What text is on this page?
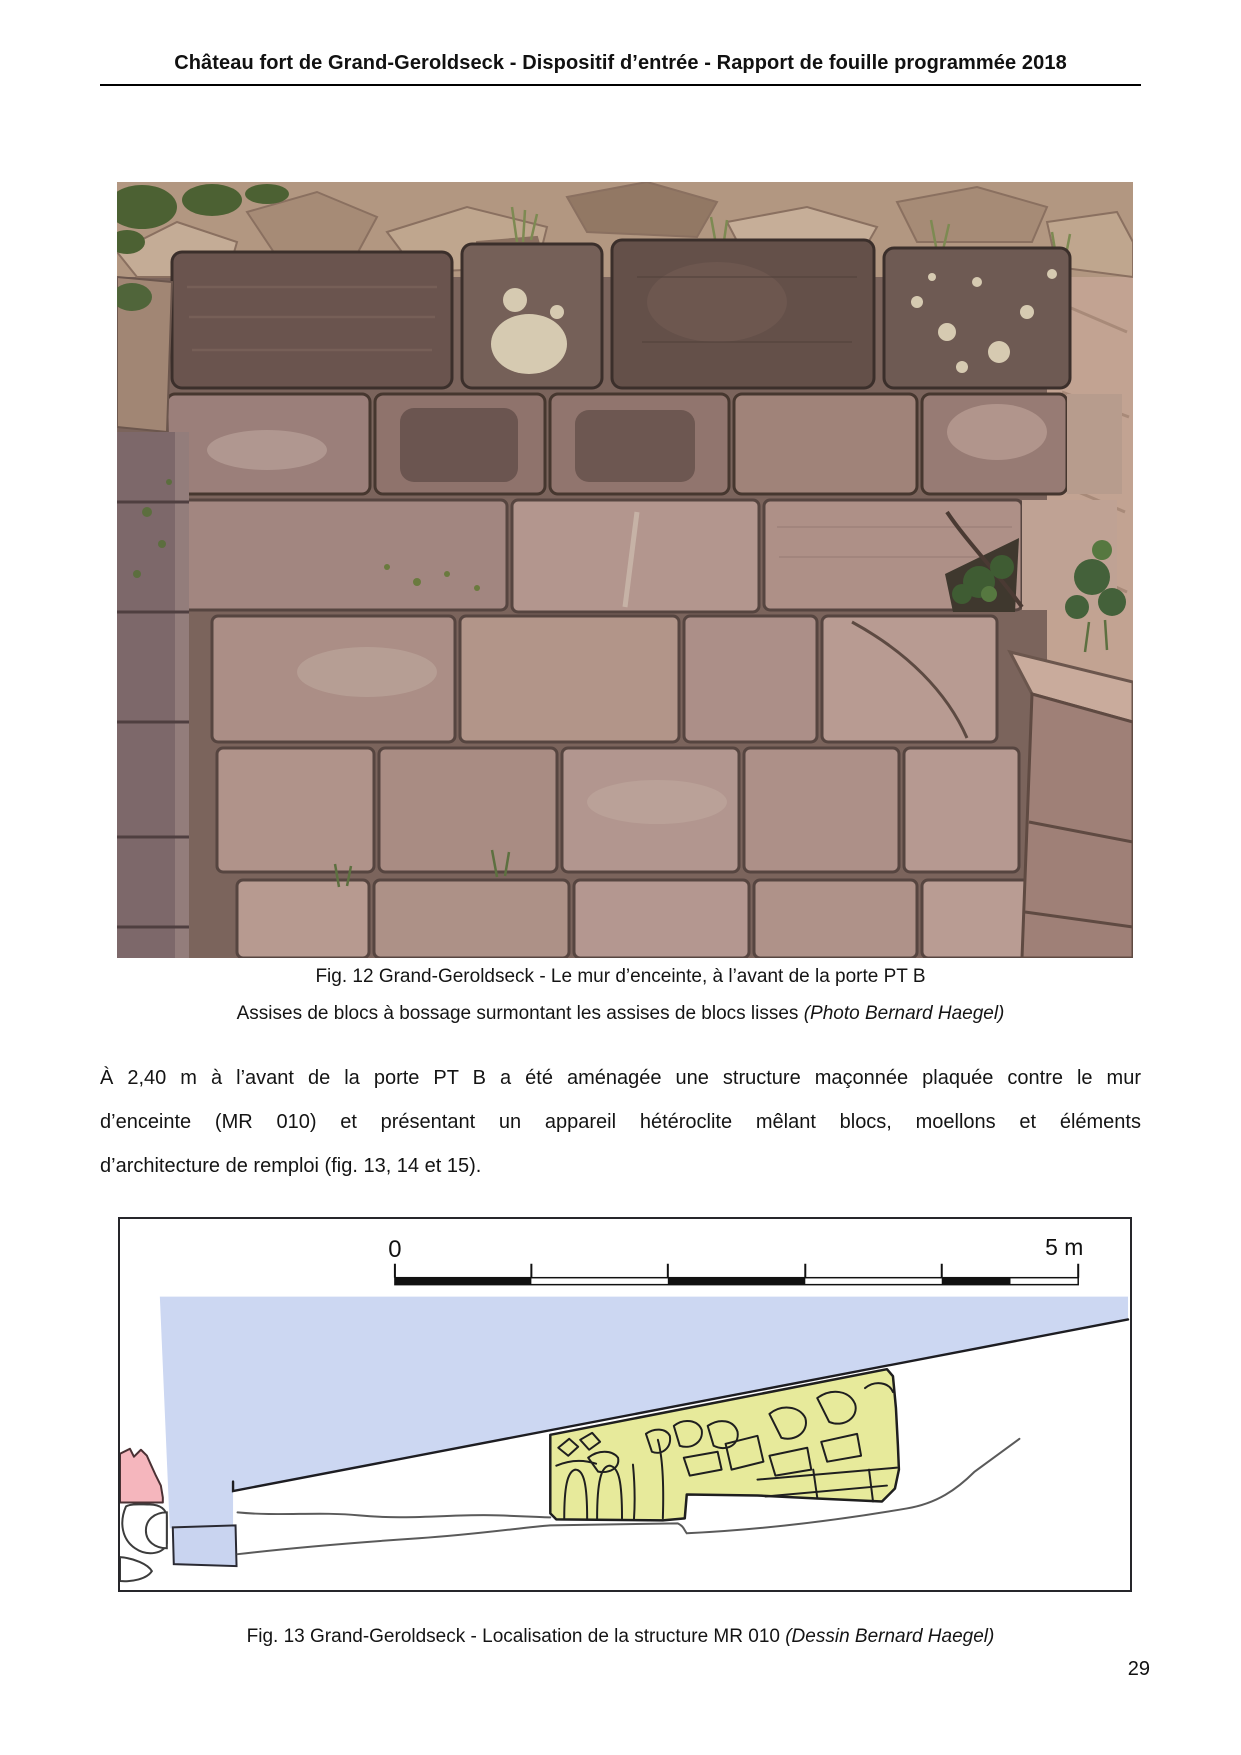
Château fort de Grand-Geroldseck - Dispositif d’entrée - Rapport de fouille programmée 2018
Fig. 12 Grand-Geroldseck - Le mur d’enceinte, à l’avant de la porte PT B
Assises de blocs à bossage surmontant les assises de blocs lisses (Photo Bernard Haegel)
À 2,40 m à l’avant de la porte PT B a été aménagée une structure maçonnée plaquée contre le mur
d’enceinte (MR 010) et présentant un appareil hétéroclite mêlant blocs, moellons et éléments
d’architecture de remploi (fig. 13, 14 et 15).
0	5 m
Fig. 13 Grand-Geroldseck - Localisation de la structure MR 010 (Dessin Bernard Haegel)
29
